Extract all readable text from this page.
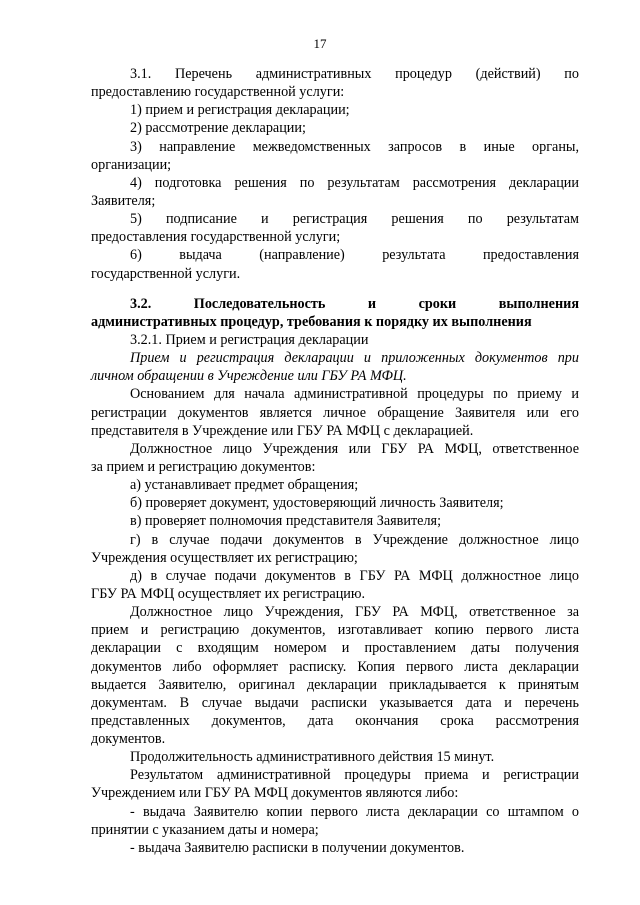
17
3.1. Перечень административных процедур (действий) по
предоставлению государственной услуги:
1) прием и регистрация декларации;
2) рассмотрение декларации;
3) направление межведомственных запросов в иные органы,
организации;
4) подготовка решения по результатам рассмотрения декларации
Заявителя;
5) подписание и регистрация решения по результатам
предоставления государственной услуги;
6) выдача (направление) результата предоставления
государственной услуги.
3.2. Последовательность и сроки выполнения
административных процедур, требования к порядку их выполнения
3.2.1. Прием и регистрация декларации
Прием и регистрация декларации и приложенных документов при
личном обращении в Учреждение или ГБУ РА МФЦ.
Основанием для начала административной процедуры по приему и
регистрации документов является личное обращение Заявителя или его
представителя в Учреждение или ГБУ РА МФЦ с декларацией.
Должностное лицо Учреждения или ГБУ РА МФЦ, ответственное
за прием и регистрацию документов:
а) устанавливает предмет обращения;
б) проверяет документ, удостоверяющий личность Заявителя;
в) проверяет полномочия представителя Заявителя;
г) в случае подачи документов в Учреждение должностное лицо
Учреждения осуществляет их регистрацию;
д) в случае подачи документов в ГБУ РА МФЦ должностное лицо
ГБУ РА МФЦ осуществляет их регистрацию.
Должностное лицо Учреждения, ГБУ РА МФЦ, ответственное за
прием и регистрацию документов, изготавливает копию первого листа
декларации с входящим номером и проставлением даты получения
документов либо оформляет расписку. Копия первого листа декларации
выдается Заявителю, оригинал декларации прикладывается к принятым
документам. В случае выдачи расписки указывается дата и перечень
представленных документов, дата окончания срока рассмотрения
документов.
Продолжительность административного действия 15 минут.
Результатом административной процедуры приема и регистрации
Учреждением или ГБУ РА МФЦ документов являются либо:
- выдача Заявителю копии первого листа декларации со штампом о
принятии с указанием даты и номера;
- выдача Заявителю расписки в получении документов.
